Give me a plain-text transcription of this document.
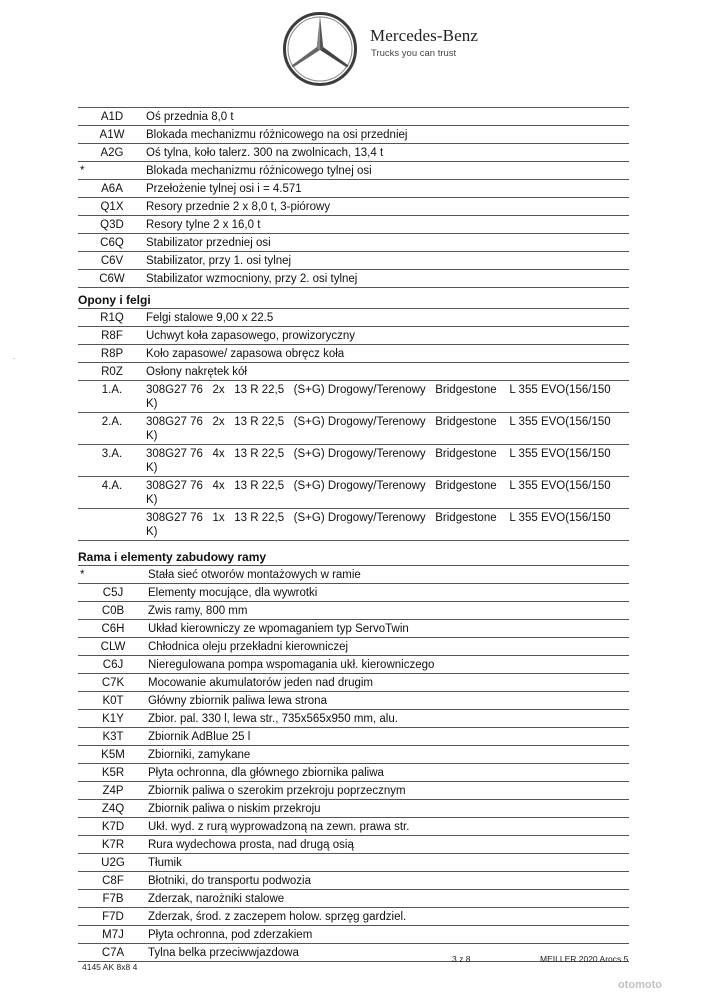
Mercedes-Benz
Trucks you can trust
.
A1D	Oś przednia 8,0 t
A1W	Blokada mechanizmu różnicowego na osi przedniej
A2G	Oś tylna, koło talerz. 300 na zwolnicach, 13,4 t
*	Blokada mechanizmu różnicowego tylnej osi
A6A	Przełożenie tylnej osi i = 4.571
Q1X	Resory przednie 2 x 8,0 t, 3-piórowy
Q3D	Resory tylne 2 x 16,0 t
C6Q	Stabilizator przedniej osi
C6V	Stabilizator, przy 1. osi tylnej
C6W	Stabilizator wzmocniony, przy 2. osi tylnej
Opony i felgi
R1Q	Felgi stalowe 9,00 x 22.5
R8F	Uchwyt koła zapasowego, prowizoryczny
R8P	Koło zapasowe/ zapasowa obręcz koła
R0Z	Osłony nakrętek kół
1.A.	308G27 76   2x   13 R 22,5   (S+G) Drogowy/Terenowy   Bridgestone    L 355 EVO(156/150
K)

2.A.	308G27 76   2x   13 R 22,5   (S+G) Drogowy/Terenowy   Bridgestone    L 355 EVO(156/150
K)

3.A.	308G27 76   4x   13 R 22,5   (S+G) Drogowy/Terenowy   Bridgestone    L 355 EVO(156/150
K)

4.A.	308G27 76   4x   13 R 22,5   (S+G) Drogowy/Terenowy   Bridgestone    L 355 EVO(156/150
K)

	308G27 76   1x   13 R 22,5   (S+G) Drogowy/Terenowy   Bridgestone    L 355 EVO(156/150
K)
Rama i elementy zabudowy ramy
*	Stała sieć otworów montażowych w ramie
C5J	Elementy mocujące, dla wywrotki
C0B	Zwis ramy, 800 mm
C6H	Układ kierowniczy ze wpomaganiem typ ServoTwin
CLW	Chłodnica oleju przekładni kierowniczej
C6J	Nieregulowana pompa wspomagania ukł. kierowniczego
C7K	Mocowanie akumulatorów jeden nad drugim
K0T	Główny zbiornik paliwa lewa strona
K1Y	Zbior. pal. 330 l, lewa str., 735x565x950 mm, alu.
K3T	Zbiornik AdBlue 25 l
K5M	Zbiorniki, zamykane
K5R	Płyta ochronna, dla głównego zbiornika paliwa
Z4P	Zbiornik paliwa o szerokim przekroju poprzecznym
Z4Q	Zbiornik paliwa o niskim przekroju
K7D	Ukł. wyd. z rurą wyprowadzoną na zewn. prawa str.
K7R	Rura wydechowa prosta, nad drugą osią
U2G	Tłumik
C8F	Błotniki, do transportu podwozia
F7B	Zderzak, narożniki stalowe
F7D	Zderzak, środ. z zaczepem holow. sprzęg gardziel.
M7J	Płyta ochronna, pod zderzakiem
C7A	Tylna belka przeciwwjazdowa
4145 AK 8x8 4
3 z 8	MEILLER 2020 Arocs 5
otomoto
